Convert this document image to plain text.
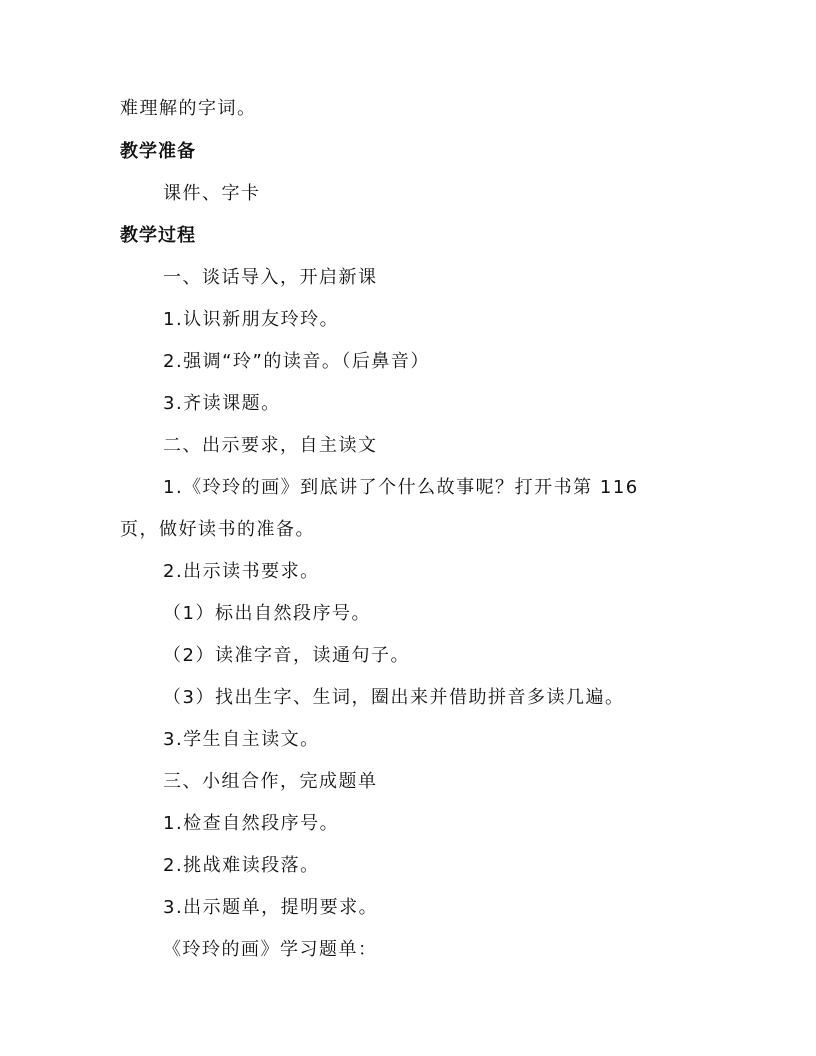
难理解的字词。
教学准备
课件、字卡
教学过程
一、谈话导入，开启新课
1.认识新朋友玲玲。
2.强调“玲”的读音。（后鼻音）
3.齐读课题。
二、出示要求，自主读文
1.《玲玲的画》到底讲了个什么故事呢？打开书第 116
页，做好读书的准备。
2.出示读书要求。
（1）标出自然段序号。
（2）读准字音，读通句子。
（3）找出生字、生词，圈出来并借助拼音多读几遍。
3.学生自主读文。
三、小组合作，完成题单
1.检查自然段序号。
2.挑战难读段落。
3.出示题单，提明要求。
《玲玲的画》学习题单：
